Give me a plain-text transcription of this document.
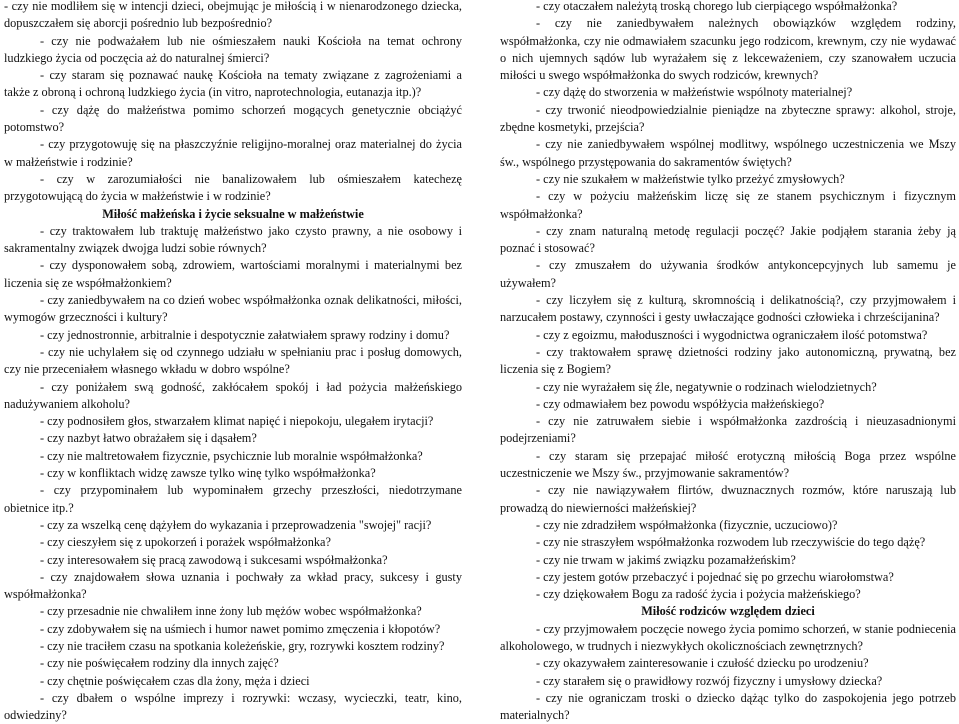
- czy nie modliłem się w intencji dzieci, obejmując je miłością i w nienarodzonego dziecka, dopuszczałem się aborcji pośrednio lub bezpośrednio?

- czy nie podważałem lub nie ośmieszałem nauki Kościoła na temat ochrony ludzkiego życia od poczęcia aż do naturalnej śmierci?

- czy staram się poznawać naukę Kościoła na tematy związane z zagrożeniami a także z obroną i ochroną ludzkiego życia (in vitro, naprotechnologia, eutanazja itp.)?

- czy dążę do małżeństwa pomimo schorzeń mogących genetycznie obciążyć potomstwo?

- czy przygotowuję się na płaszczyźnie religijno-moralnej oraz materialnej do życia w małżeństwie i rodzinie?

- czy w zarozumiałości nie banalizowałem lub ośmieszałem katechezę przygotowującą do życia w małżeństwie i w rodzinie?

Miłość małżeńska i życie seksualne w małżeństwie

- czy traktowałem lub traktuję małżeństwo jako czysto prawny, a nie osobowy i sakramentalny związek dwojga ludzi sobie równych?

- czy dysponowałem sobą, zdrowiem, wartościami moralnymi i materialnymi bez liczenia się ze współmałżonkiem?

- czy zaniedbywałem na co dzień wobec współmałżonka oznak delikatności, miłości, wymogów grzeczności i kultury?

- czy jednostronnie, arbitralnie i despotycznie załatwiałem sprawy rodziny i domu?

- czy nie uchylałem się od czynnego udziału w spełnianiu prac i posług domowych, czy nie przeceniałem własnego wkładu w dobro wspólne?

- czy poniżałem swą godność, zakłócałem spokój i ład pożycia małżeńskiego nadużywaniem alkoholu?

- czy podnosiłem głos, stwarzałem klimat napięć i niepokoju, ulegałem irytacji?

- czy nazbyt łatwo obrażałem się i dąsałem?

- czy nie maltretowałem fizycznie, psychicznie lub moralnie współmałżonka?

- czy w konfliktach widzę zawsze tylko winę tylko współmałżonka?

- czy przypominałem lub wypominałem grzechy przeszłości, niedotrzymane obietnice itp.?

- czy za wszelką cenę dążyłem do wykazania i przeprowadzenia "swojej" racji?

- czy cieszyłem się z upokorzeń i porażek współmałżonka?

- czy interesowałem się pracą zawodową i sukcesami współmałżonka?

- czy znajdowałem słowa uznania i pochwały za wkład pracy, sukcesy i gusty współmałżonka?

- czy przesadnie nie chwaliłem inne żony lub mężów wobec współmałżonka?

- czy zdobywałem się na uśmiech i humor nawet pomimo zmęczenia i kłopotów?

- czy nie traciłem czasu na spotkania koleżeńskie, gry, rozrywki kosztem rodziny?

- czy nie poświęcałem rodziny dla innych zajęć?

- czy chętnie poświęcałem czas dla żony, męża i dzieci

- czy dbałem o wspólne imprezy i rozrywki: wczasy, wycieczki, teatr, kino, odwiedziny?

- czy otaczałem należytą troską chorego lub cierpiącego współmałżonka?

- czy nie zaniedbywałem należnych obowiązków względem rodziny, współmałżonka, czy nie odmawiałem szacunku jego rodzicom, krewnym, czy nie wydawać o nich ujemnych sądów lub wyrażałem się z lekceważeniem, czy szanowałem uczucia miłości u swego współmałżonka do swych rodziców, krewnych?

- czy dążę do stworzenia w małżeństwie wspólnoty materialnej?

- czy trwonić nieodpowiedzialnie pieniądze na zbyteczne sprawy: alkohol, stroje, zbędne kosmetyki, przejścia?

- czy nie zaniedbywałem wspólnej modlitwy, wspólnego uczestniczenia we Mszy św., wspólnego przystępowania do sakramentów świętych?

- czy nie szukałem w małżeństwie tylko przeżyć zmysłowych?

- czy w pożyciu małżeńskim liczę się ze stanem psychicznym i fizycznym współmałżonka?

- czy znam naturalną metodę regulacji poczęć? Jakie podjąłem starania żeby ją poznać i stosować?

- czy zmuszałem do używania środków antykoncepcyjnych lub samemu je używałem?

- czy liczyłem się z kulturą, skromnością i delikatnością?, czy przyjmowałem i narzucałem postawy, czynności i gesty uwłaczające godności człowieka i chrześcijanina?

- czy z egoizmu, małoduszności i wygodnictwa ograniczałem ilość potomstwa?

- czy traktowałem sprawę dzietności rodziny jako autonomiczną, prywatną, bez liczenia się z Bogiem?

- czy nie wyrażałem się źle, negatywnie o rodzinach wielodzietnych?

- czy odmawiałem bez powodu współżycia małżeńskiego?

- czy nie zatruwałem siebie i współmałżonka zazdrością i nieuzasadnionymi podejrzeniami?

- czy staram się przepajać miłość erotyczną miłością Boga przez wspólne uczestniczenie we Mszy św., przyjmowanie sakramentów?

- czy nie nawiązywałem flirtów, dwuznacznych rozmów, które naruszają lub prowadzą do niewierności małżeńskiej?

- czy nie zdradziłem współmałżonka (fizycznie, uczuciowo)?

- czy nie straszyłem współmałżonka rozwodem lub rzeczywiście do tego dążę?

- czy nie trwam w jakimś związku pozamałżeńskim?

- czy jestem gotów przebaczyć i pojednać się po grzechu wiarołomstwa?

- czy dziękowałem Bogu za radość życia i pożycia małżeńskiego?

Miłość rodziców względem dzieci

- czy przyjmowałem poczęcie nowego życia pomimo schorzeń, w stanie podniecenia alkoholowego, w trudnych i niezwykłych okolicznościach zewnętrznych?

- czy okazywałem zainteresowanie i czułość dziecku po urodzeniu?

- czy starałem się o prawidłowy rozwój fizyczny i umysłowy dziecka?

- czy nie ograniczam troski o dziecko dążąc tylko do zaspokojenia jego potrzeb materialnych?
